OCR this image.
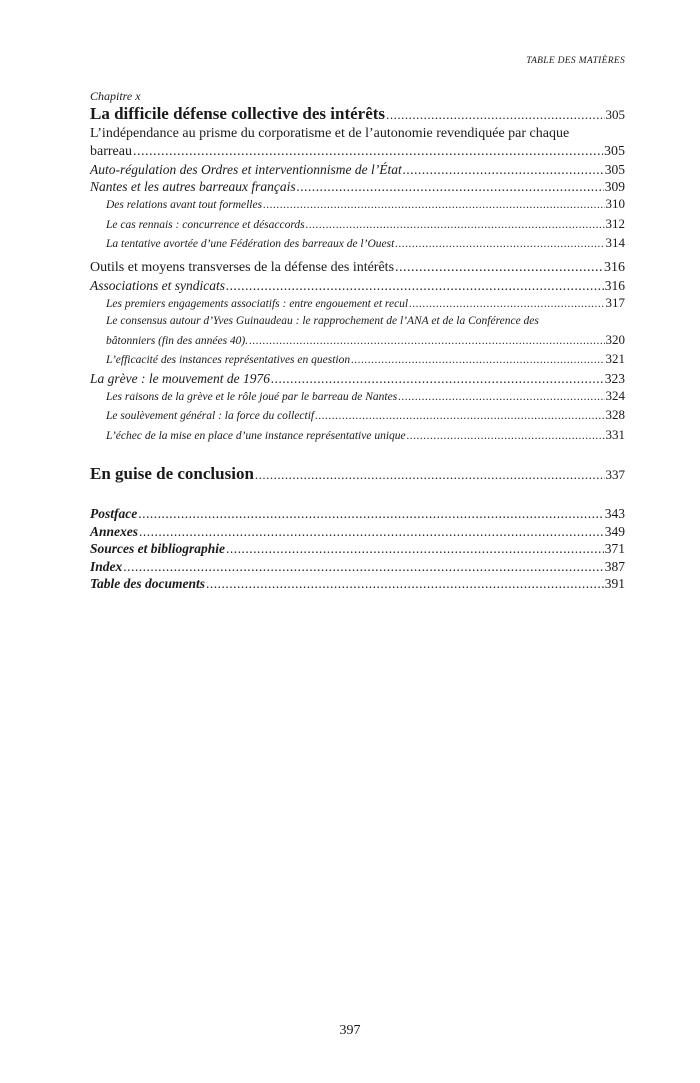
TABLE DES MATIÈRES
Chapitre x
La difficile défense collective des intérêts .....	305
L’indépendance au prisme du corporatisme et de l’autonomie revendiquée par chaque
barreau .....	305
Auto-régulation des Ordres et interventionnisme de l’État .....	305
Nantes et les autres barreaux français .....	309
Des relations avant tout formelles .....	310
Le cas rennais : concurrence et désaccords .....	312
La tentative avortée d’une Fédération des barreaux de l’Ouest .....	314
Outils et moyens transverses de la défense des intérêts .....	316
Associations et syndicats .....	316
Les premiers engagements associatifs : entre engouement et recul .....	317
Le consensus autour d’Yves Guinaudeau : le rapprochement de l’ANA et de la Conférence des
bâtonniers (fin des années 40). .....	320
L’efficacité des instances représentatives en question .....	321
La grève : le mouvement de 1976 .....	323
Les raisons de la grève et le rôle joué par le barreau de Nantes .....	324
Le soulèvement général : la force du collectif .....	328
L’échec de la mise en place d’une instance représentative unique .....	331
En guise de conclusion .....	337
Postface .....	343
Annexes .....	349
Sources et bibliographie .....	371
Index .....	387
Table des documents .....	391
397
